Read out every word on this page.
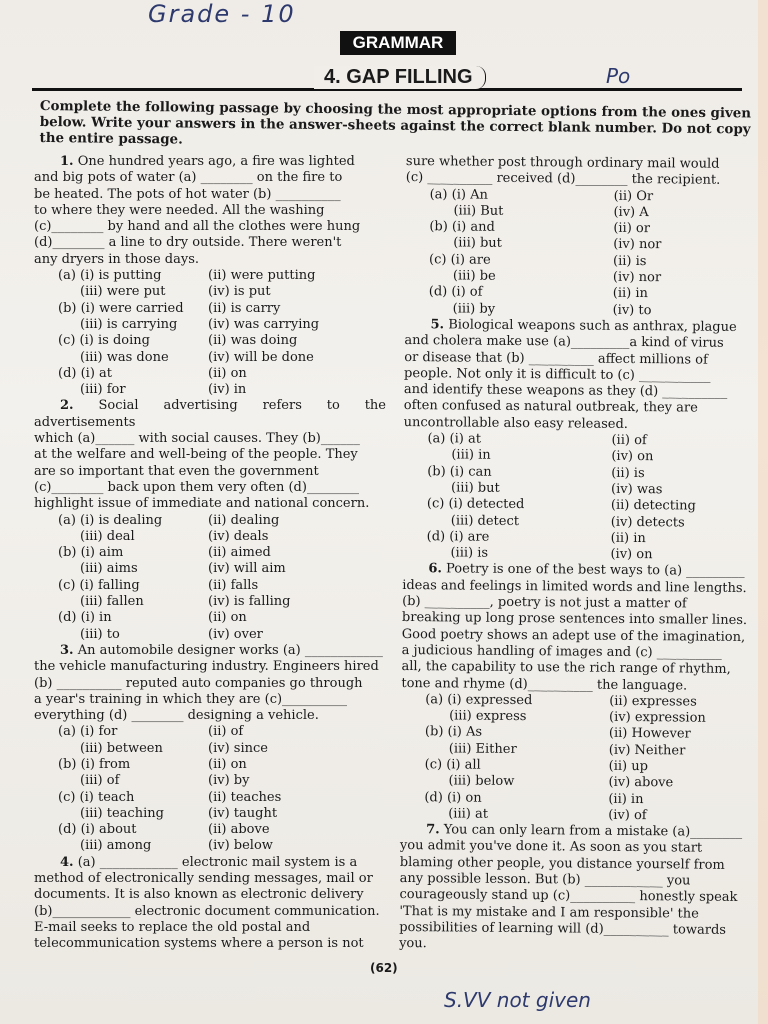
Grade - 10
GRAMMAR
4. GAP FILLING	Po
Complete the following passage by choosing the most appropriate options from the ones given below. Write your answers in the answer-sheets against the correct blank number. Do not copy the entire passage.
1. One hundred years ago, a fire was lighted
and big pots of water (a) ________ on the fire to
be heated. The pots of hot water (b) __________
to where they were needed. All the washing
(c)________ by hand and all the clothes were hung
(d)________ a line to dry outside. There weren't
any dryers in those days.
(a) (i) is putting	(ii) were putting
(iii) were put	(iv) is put
(b) (i) were carried	(ii) is carry
(iii) is carrying	(iv) was carrying
(c) (i) is doing	(ii) was doing
(iii) was done	(iv) will be done
(d) (i) at	(ii) on
(iii) for	(iv) in
2. Social advertising refers to the advertisements
which (a)______ with social causes. They (b)______
at the welfare and well-being of the people. They
are so important that even the government
(c)________ back upon them very often (d)________
highlight issue of immediate and national concern.
(a) (i) is dealing	(ii) dealing
(iii) deal	(iv) deals
(b) (i) aim	(ii) aimed
(iii) aims	(iv) will aim
(c) (i) falling	(ii) falls
(iii) fallen	(iv) is falling
(d) (i) in	(ii) on
(iii) to	(iv) over
3. An automobile designer works (a) ____________
the vehicle manufacturing industry. Engineers hired
(b) __________ reputed auto companies go through
a year's training in which they are (c)__________
everything (d) ________ designing a vehicle.
(a) (i) for	(ii) of
(iii) between	(iv) since
(b) (i) from	(ii) on
(iii) of	(iv) by
(c) (i) teach	(ii) teaches
(iii) teaching	(iv) taught
(d) (i) about	(ii) above
(iii) among	(iv) below
4. (a) ____________ electronic mail system is a
method of electronically sending messages, mail or
documents. It is also known as electronic delivery
(b)____________ electronic document communication.
E-mail seeks to replace the old postal and
telecommunication systems where a person is not
sure whether post through ordinary mail would
(c) __________ received (d)________ the recipient.
(a) (i) An	(ii) Or
(iii) But	(iv) A
(b) (i) and	(ii) or
(iii) but	(iv) nor
(c) (i) are	(ii) is
(iii) be	(iv) nor
(d) (i) of	(ii) in
(iii) by	(iv) to
5. Biological weapons such as anthrax, plague
and cholera make use (a)_________a kind of virus
or disease that (b) __________ affect millions of
people. Not only it is difficult to (c) ___________
and identify these weapons as they (d) __________
often confused as natural outbreak, they are
uncontrollable also easy released.
(a) (i) at	(ii) of
(iii) in	(iv) on
(b) (i) can	(ii) is
(iii) but	(iv) was
(c) (i) detected	(ii) detecting
(iii) detect	(iv) detects
(d) (i) are	(ii) in
(iii) is	(iv) on
6. Poetry is one of the best ways to (a) _________
ideas and feelings in limited words and line lengths.
(b) __________, poetry is not just a matter of
breaking up long prose sentences into smaller lines.
Good poetry shows an adept use of the imagination,
a judicious handling of images and (c) __________
all, the capability to use the rich range of rhythm,
tone and rhyme (d)__________ the language.
(a) (i) expressed	(ii) expresses
(iii) express	(iv) expression
(b) (i) As	(ii) However
(iii) Either	(iv) Neither
(c) (i) all	(ii) up
(iii) below	(iv) above
(d) (i) on	(ii) in
(iii) at	(iv) of
7. You can only learn from a mistake (a)________
you admit you've done it. As soon as you start
blaming other people, you distance yourself from
any possible lesson. But (b) ____________ you
courageously stand up (c)__________ honestly speak
'That is my mistake and I am responsible' the
possibilities of learning will (d)__________ towards
you.
(62)
S.VV not given
